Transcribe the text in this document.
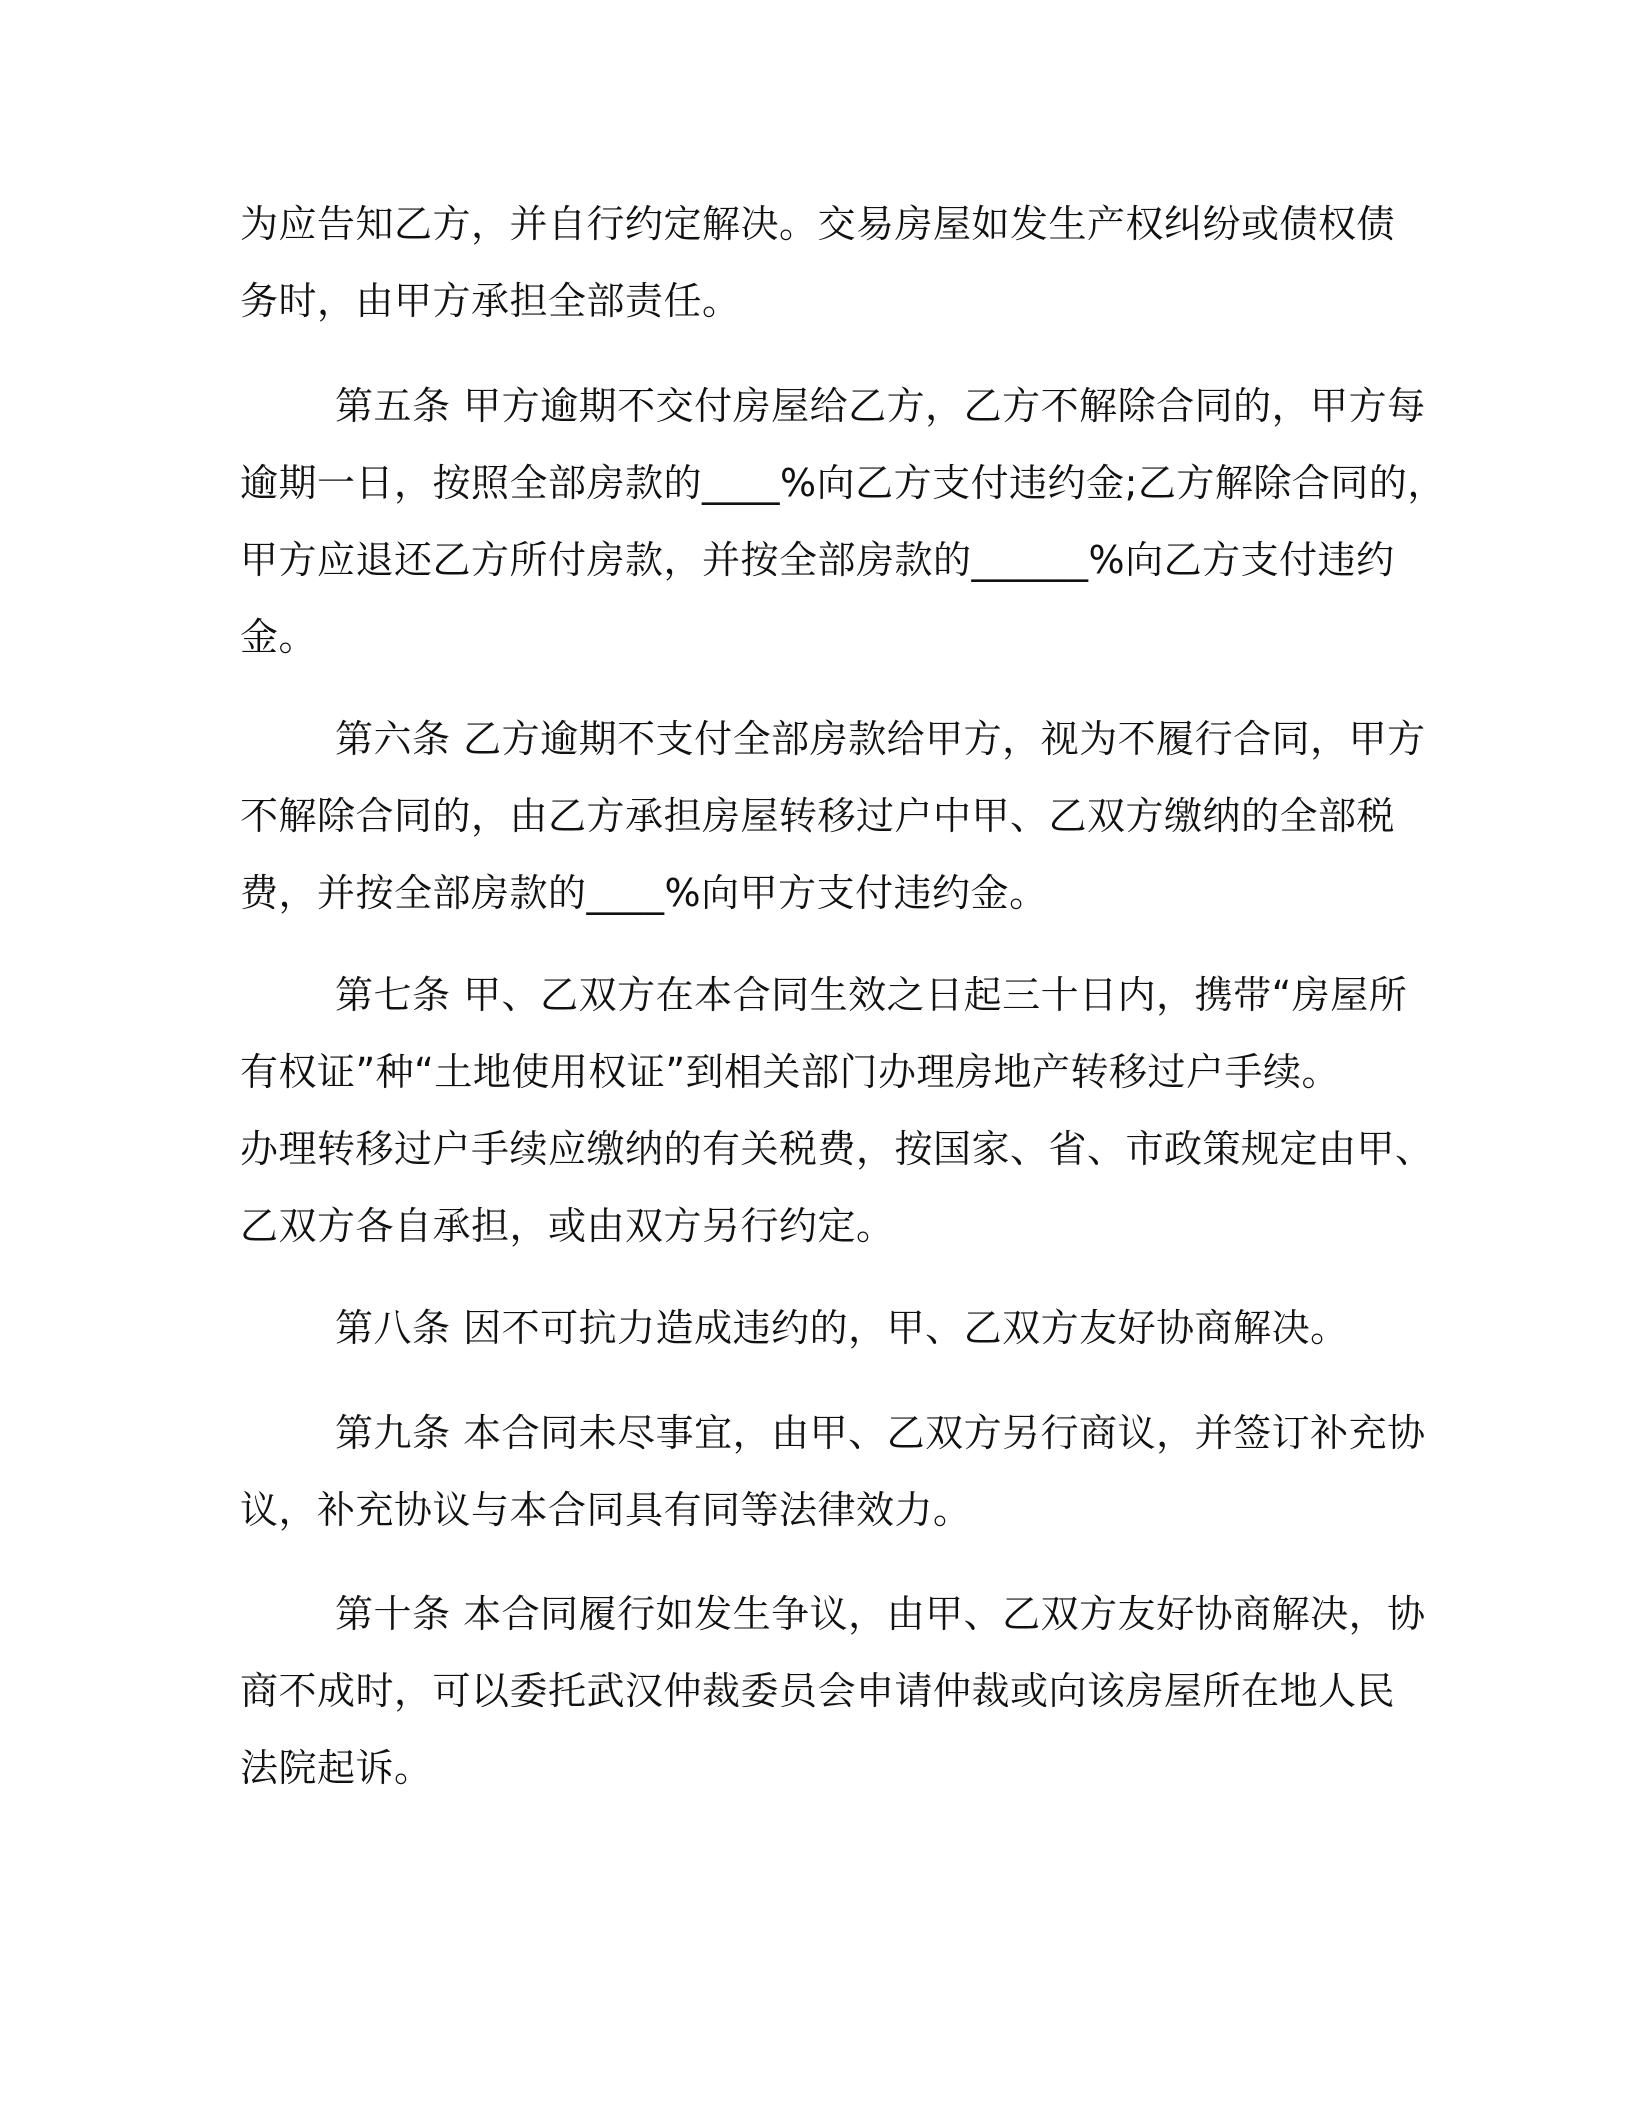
为应告知乙方，并自行约定解决。交易房屋如发生产权纠纷或债权债
务时，由甲方承担全部责任。
第五条 甲方逾期不交付房屋给乙方，乙方不解除合同的，甲方每
逾期一日，按照全部房款的____%向乙方支付违约金;乙方解除合同的，
甲方应退还乙方所付房款，并按全部房款的______%向乙方支付违约
金。
第六条 乙方逾期不支付全部房款给甲方，视为不履行合同，甲方
不解除合同的，由乙方承担房屋转移过户中甲、乙双方缴纳的全部税
费，并按全部房款的____%向甲方支付违约金。
第七条 甲、乙双方在本合同生效之日起三十日内，携带“房屋所
有权证”种“土地使用权证”到相关部门办理房地产转移过户手续。
办理转移过户手续应缴纳的有关税费，按国家、省、市政策规定由甲、
乙双方各自承担，或由双方另行约定。
第八条 因不可抗力造成违约的，甲、乙双方友好协商解决。
第九条 本合同未尽事宜，由甲、乙双方另行商议，并签订补充协
议，补充协议与本合同具有同等法律效力。
第十条 本合同履行如发生争议，由甲、乙双方友好协商解决，协
商不成时，可以委托武汉仲裁委员会申请仲裁或向该房屋所在地人民
法院起诉。
